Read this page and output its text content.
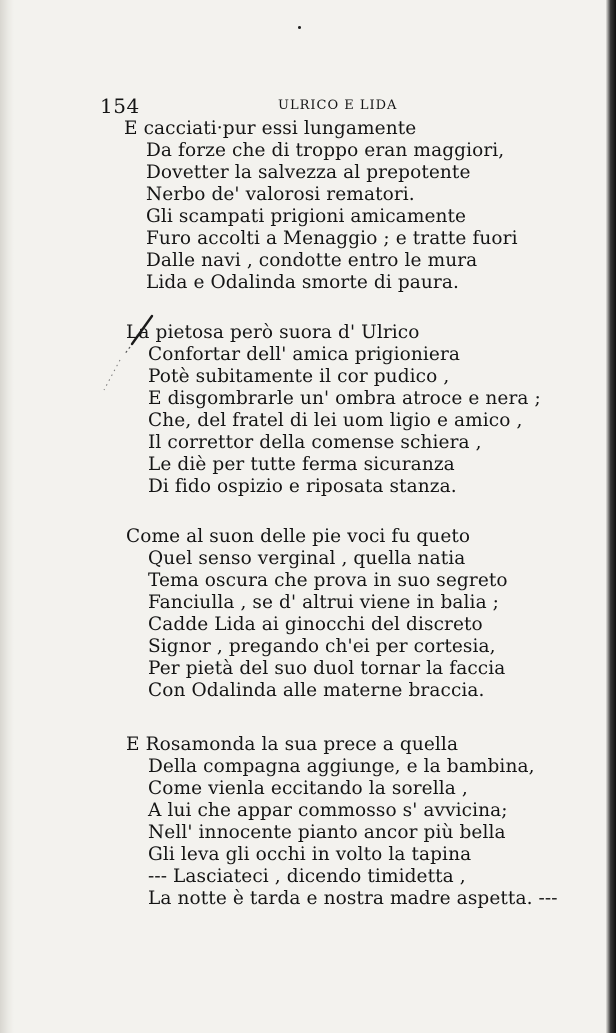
154	ULRICO E LIDA
E cacciati·pur essi lungamente
Da forze che di troppo eran maggiori,
Dovetter la salvezza al prepotente
Nerbo de' valorosi rematori.
Gli scampati prigioni amicamente
Furo accolti a Menaggio ; e tratte fuori
Dalle navi , condotte entro le mura
Lida e Odalinda smorte di paura.
La pietosa però suora d' Ulrico
Confortar dell' amica prigioniera
Potè subitamente il cor pudico ,
E disgombrarle un' ombra atroce e nera ;
Che, del fratel di lei uom ligio e amico ,
Il correttor della comense schiera ,
Le diè per tutte ferma sicuranza
Di fido ospizio e riposata stanza.
Come al suon delle pie voci fu queto
Quel senso verginal , quella natia
Tema oscura che prova in suo segreto
Fanciulla , se d' altrui viene in balia ;
Cadde Lida ai ginocchi del discreto
Signor , pregando ch'ei per cortesia,
Per pietà del suo duol tornar la faccia
Con Odalinda alle materne braccia.
E Rosamonda la sua prece a quella
Della compagna aggiunge, e la bambina,
Come vienla eccitando la sorella ,
A lui che appar commosso s' avvicina;
Nell' innocente pianto ancor più bella
Gli leva gli occhi in volto la tapina
--- Lasciateci , dicendo timidetta ,
La notte è tarda e nostra madre aspetta. ---
